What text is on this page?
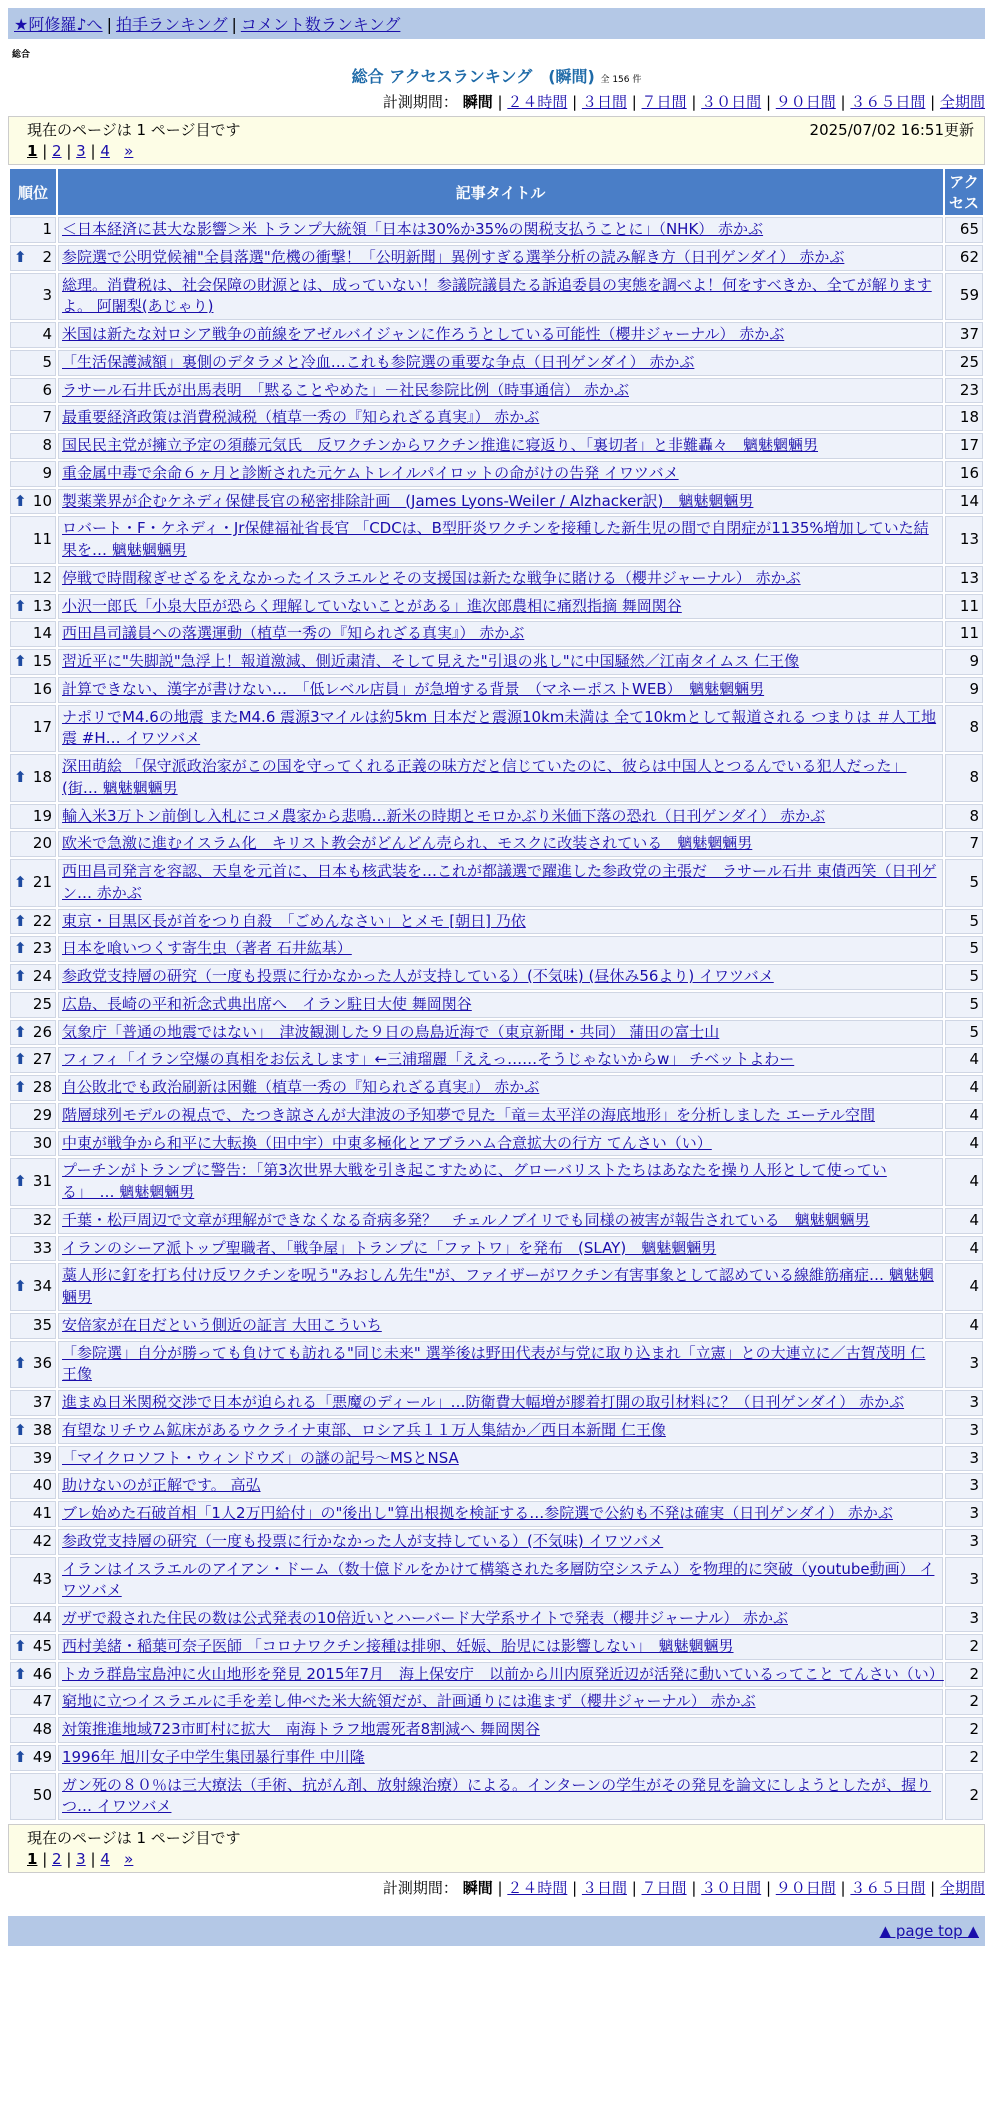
★阿修羅♪へ | 拍手ランキング | コメント数ランキング
総合
総合 アクセスランキング　(瞬間) 全 156 件
計測期間： 瞬間 | ２４時間 | ３日間 | ７日間 | ３０日間 | ９０日間 | ３６５日間 | 全期間
現在のページは 1 ページ目です	2025/07/02 16:51更新
1 | 2 | 3 | 4 »
順位	記事タイトル	アクセス
1	＜日本経済に甚大な影響＞米 トランプ大統領「日本は30%か35%の関税支払うことに」（NHK） 赤かぶ	65

⬆ 2	参院選で公明党候補"全員落選"危機の衝撃！「公明新聞」異例すぎる選挙分析の読み解き方（日刊ゲンダイ） 赤かぶ	62
3	総理。消費税は、社会保障の財源とは、成っていない！参議院議員たる訴追委員の実態を調べよ！何をすべきか、全てが解りますよ。 阿闍梨(あじゃり)	59
4	米国は新たな対ロシア戦争の前線をアゼルバイジャンに作ろうとしている可能性（櫻井ジャーナル） 赤かぶ	37
5	「生活保護減額」裏側のデタラメと冷血…これも参院選の重要な争点（日刊ゲンダイ） 赤かぶ	25
6	ラサール石井氏が出馬表明　「黙ることやめた」－社民参院比例（時事通信） 赤かぶ	23
7	最重要経済政策は消費税減税（植草一秀の『知られざる真実』） 赤かぶ	18
8	国民民主党が擁立予定の須藤元気氏　反ワクチンからワクチン推進に寝返り、「裏切者」と非難轟々　魑魅魍魎男	17
9	重金属中毒で余命６ヶ月と診断された元ケムトレイルパイロットの命がけの告発 イワツバメ	16

⬆ 10	製薬業界が企むケネディ保健長官の秘密排除計画　(James Lyons-Weiler / Alzhacker訳)　魑魅魍魎男	14
11	ロバート・F・ケネディ・Jr保健福祉省長官 「CDCは、B型肝炎ワクチンを接種した新生児の間で自閉症が1135%増加していた結果を… 魑魅魍魎男	13
12	停戦で時間稼ぎせざるをえなかったイスラエルとその支援国は新たな戦争に賭ける（櫻井ジャーナル） 赤かぶ	13

⬆ 13	小沢一郎氏「小泉大臣が恐らく理解していないことがある」進次郎農相に痛烈指摘 舞岡関谷	11
14	西田昌司議員への落選運動（植草一秀の『知られざる真実』） 赤かぶ	11

⬆ 15	習近平に"失脚説"急浮上！報道激減、側近粛清、そして見えた"引退の兆し"に中国騒然／江南タイムス 仁王像	9
16	計算できない、漢字が書けない…　「低レベル店員」が急増する背景　（マネーポストWEB）　魑魅魍魎男	9
17	ナポリでM4.6の地震 またM4.6 震源3マイルは約5km 日本だと震源10km未満は 全て10kmとして報道される つまりは ＃人工地震 #H… イワツバメ	8

⬆ 18	深田萌絵 「保守派政治家がこの国を守ってくれる正義の味方だと信じていたのに、彼らは中国人とつるんでいる犯人だった」(街… 魑魅魍魎男	8
19	輸入米3万トン前倒し入札にコメ農家から悲鳴…新米の時期とモロかぶり米価下落の恐れ（日刊ゲンダイ） 赤かぶ	8
20	欧米で急激に進むイスラム化　キリスト教会がどんどん売られ、モスクに改装されている　魑魅魍魎男	7

⬆ 21	西田昌司発言を容認、天皇を元首に、日本も核武装を…これが都議選で躍進した参政党の主張だ　ラサール石井 東債西笑（日刊ゲン… 赤かぶ	5

⬆ 22	東京・目黒区長が首をつり自殺　「ごめんなさい」とメモ [朝日] 乃依	5

⬆ 23	日本を喰いつくす寄生虫（著者 石井紘基）	5

⬆ 24	参政党支持層の研究（一度も投票に行かなかった人が支持している）(不気味) (昼休み56より) イワツバメ	5
25	広島、長崎の平和祈念式典出席へ　イラン駐日大使 舞岡関谷	5

⬆ 26	気象庁「普通の地震ではない」　津波観測した９日の鳥島近海で（東京新聞・共同） 蒲田の富士山	5

⬆ 27	フィフィ「イラン空爆の真相をお伝えします」←三浦瑠麗「ええっ……そうじゃないからw」 チベットよわー	4

⬆ 28	自公敗北でも政治刷新は困難（植草一秀の『知られざる真実』） 赤かぶ	4
29	階層球列モデルの視点で、たつき諒さんが大津波の予知夢で見た「竜＝太平洋の海底地形」を分析しました エーテル空間	4
30	中東が戦争から和平に大転換（田中宇）中東多極化とアブラハム合意拡大の行方 てんさい（い）	4

⬆ 31	プーチンがトランプに警告：「第3次世界大戦を引き起こすために、グローバリストたちはあなたを操り人形として使っている」　… 魑魅魍魎男	4
32	千葉・松戸周辺で文章が理解ができなくなる奇病多発？　チェルノブイリでも同様の被害が報告されている　魑魅魍魎男	4
33	イランのシーア派トップ聖職者、「戦争屋」トランプに「ファトワ」を発布　(SLAY)　魑魅魍魎男	4

⬆ 34	藁人形に釘を打ち付け反ワクチンを呪う"みおしん先生"が、ファイザーがワクチン有害事象として認めている線維筋痛症… 魑魅魍魎男	4
35	安倍家が在日だという側近の証言 大田こういち	4

⬆ 36	「参院選」自分が勝っても負けても訪れる"同じ未来" 選挙後は野田代表が与党に取り込まれ「立憲」との大連立に／古賀茂明 仁王像	3
37	進まぬ日米関税交渉で日本が迫られる「悪魔のディール」…防衛費大幅増が膠着打開の取引材料に？（日刊ゲンダイ） 赤かぶ	3

⬆ 38	有望なリチウム鉱床があるウクライナ東部、ロシア兵１１万人集結か／西日本新聞 仁王像	3
39	「マイクロソフト・ウィンドウズ」の謎の記号～MSとNSA	3
40	助けないのが正解です。 高弘	3
41	ブレ始めた石破首相「1人2万円給付」の"後出し"算出根拠を検証する…参院選で公約も不発は確実（日刊ゲンダイ） 赤かぶ	3
42	参政党支持層の研究（一度も投票に行かなかった人が支持している）(不気味) イワツバメ	3
43	イランはイスラエルのアイアン・ドーム（数十億ドルをかけて構築された多層防空システム）を物理的に突破（youtube動画） イワツバメ	3
44	ガザで殺された住民の数は公式発表の10倍近いとハーバード大学系サイトで発表（櫻井ジャーナル） 赤かぶ	3

⬆ 45	西村美緒・稲葉可奈子医師 「コロナワクチン接種は排卵、妊娠、胎児には影響しない」　魑魅魍魎男	2

⬆ 46	トカラ群島宝島沖に火山地形を発見 2015年7月　海上保安庁　以前から川内原発近辺が活発に動いているってこと てんさい（い）	2
47	窮地に立つイスラエルに手を差し伸べた米大統領だが、計画通りには進まず（櫻井ジャーナル） 赤かぶ	2
48	対策推進地域723市町村に拡大　南海トラフ地震死者8割減へ 舞岡関谷	2

⬆ 49	1996年 旭川女子中学生集団暴行事件 中川隆	2
50	ガン死の８０％は三大療法（手術、抗がん剤、放射線治療）による。インターンの学生がその発見を論文にしようとしたが、握りつ… イワツバメ	2
現在のページは 1 ページ目です
1 | 2 | 3 | 4 »
計測期間： 瞬間 | ２４時間 | ３日間 | ７日間 | ３０日間 | ９０日間 | ３６５日間 | 全期間
▲ page top ▲
